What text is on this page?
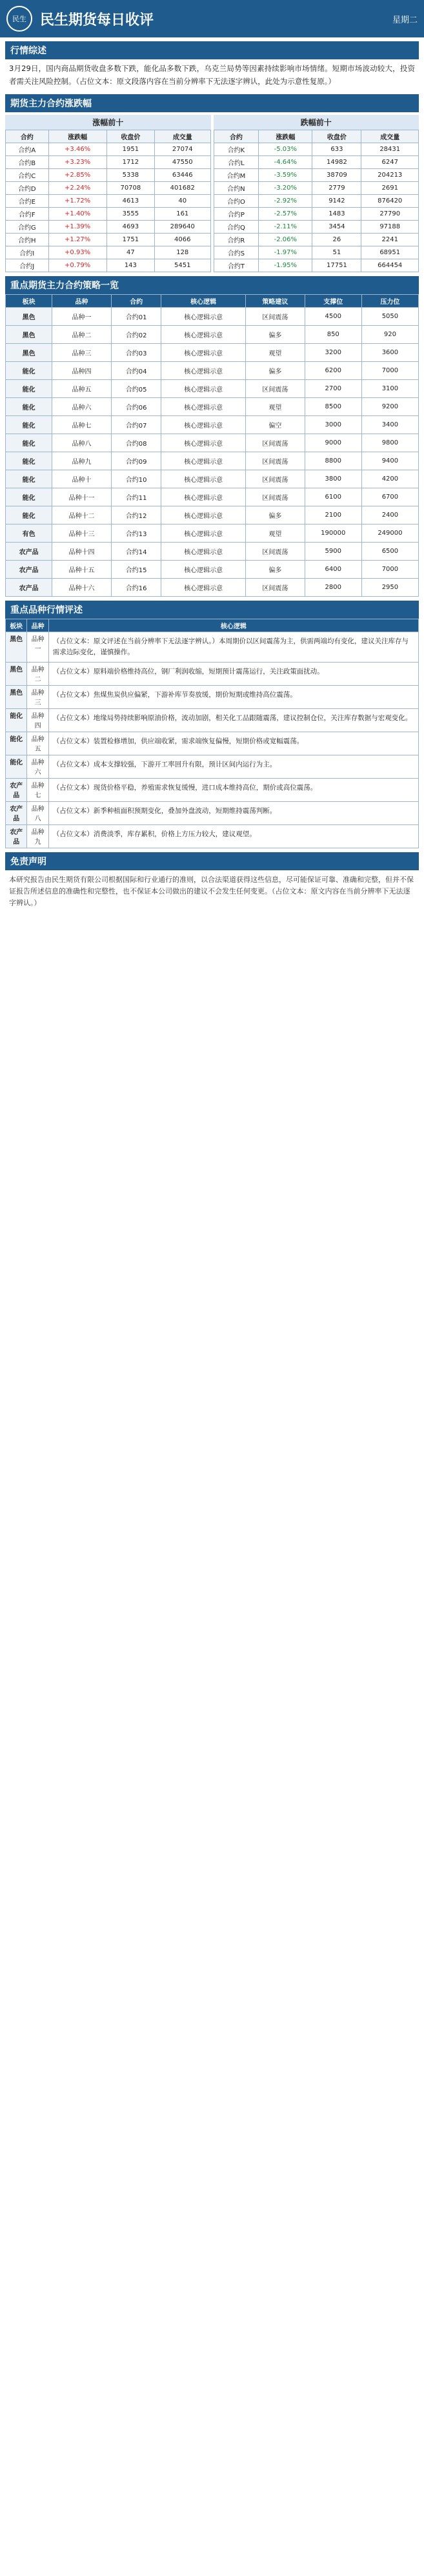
民生 民生期货每日收评	星期二
行情综述
3月29日，国内商品期货收盘多数下跌，能化品多数下跌，乌克兰局势等因素持续影响市场情绪。短期市场波动较大，投资者需关注风险控制。（占位文本：原文段落内容在当前分辨率下无法逐字辨认，此处为示意性复原。）
期货主力合约涨跌幅
涨幅前十
合约	涨跌幅	收盘价	成交量
合约A	+3.46%	1951	27074
合约B	+3.23%	1712	47550
合约C	+2.85%	5338	63446
合约D	+2.24%	70708	401682
合约E	+1.72%	4613	40
合约F	+1.40%	3555	161
合约G	+1.39%	4693	289640
合约H	+1.27%	1751	4066
合约I	+0.93%	47	128
合约J	+0.79%	143	5451
跌幅前十
合约	涨跌幅	收盘价	成交量
合约K	-5.03%	633	28431
合约L	-4.64%	14982	6247
合约M	-3.59%	38709	204213
合约N	-3.20%	2779	2691
合约O	-2.92%	9142	876420
合约P	-2.57%	1483	27790
合约Q	-2.11%	3454	97188
合约R	-2.06%	26	2241
合约S	-1.97%	51	68951
合约T	-1.95%	17751	664454
重点期货主力合约策略一览
板块	品种	合约	核心逻辑	策略建议	支撑位	压力位
黑色	品种一	合约01	核心逻辑示意	区间震荡	4500	5050
黑色	品种二	合约02	核心逻辑示意	偏多	850	920
黑色	品种三	合约03	核心逻辑示意	观望	3200	3600
能化	品种四	合约04	核心逻辑示意	偏多	6200	7000
能化	品种五	合约05	核心逻辑示意	区间震荡	2700	3100
能化	品种六	合约06	核心逻辑示意	观望	8500	9200
能化	品种七	合约07	核心逻辑示意	偏空	3000	3400
能化	品种八	合约08	核心逻辑示意	区间震荡	9000	9800
能化	品种九	合约09	核心逻辑示意	区间震荡	8800	9400
能化	品种十	合约10	核心逻辑示意	区间震荡	3800	4200
能化	品种十一	合约11	核心逻辑示意	区间震荡	6100	6700
能化	品种十二	合约12	核心逻辑示意	偏多	2100	2400
有色	品种十三	合约13	核心逻辑示意	观望	190000	249000
农产品	品种十四	合约14	核心逻辑示意	区间震荡	5900	6500
农产品	品种十五	合约15	核心逻辑示意	偏多	6400	7000
农产品	品种十六	合约16	核心逻辑示意	区间震荡	2800	2950
重点品种行情评述
板块	品种	核心逻辑
黑色	品种一	（占位文本：原文评述在当前分辨率下无法逐字辨认。）本周期价以区间震荡为主，供需两端均有变化，建议关注库存与需求边际变化，谨慎操作。
黑色	品种二	（占位文本）原料端价格维持高位，钢厂利润收缩，短期预计震荡运行，关注政策面扰动。
黑色	品种三	（占位文本）焦煤焦炭供应偏紧，下游补库节奏放缓，期价短期或维持高位震荡。
能化	品种四	（占位文本）地缘局势持续影响原油价格，波动加剧，相关化工品跟随震荡，建议控制仓位，关注库存数据与宏观变化。
能化	品种五	（占位文本）装置检修增加，供应端收紧，需求端恢复偏慢，短期价格或宽幅震荡。
能化	品种六	（占位文本）成本支撑较强，下游开工率回升有限，预计区间内运行为主。
农产品	品种七	（占位文本）现货价格平稳，养殖需求恢复缓慢，进口成本维持高位，期价或高位震荡。
农产品	品种八	（占位文本）新季种植面积预期变化，叠加外盘波动，短期维持震荡判断。
农产品	品种九	（占位文本）消费淡季，库存累积，价格上方压力较大，建议观望。
免责声明
本研究报告由民生期货有限公司根据国际和行业通行的准则，以合法渠道获得这些信息，尽可能保证可靠、准确和完整，但并不保证报告所述信息的准确性和完整性，也不保证本公司做出的建议不会发生任何变更。（占位文本：原文内容在当前分辨率下无法逐字辨认。）
